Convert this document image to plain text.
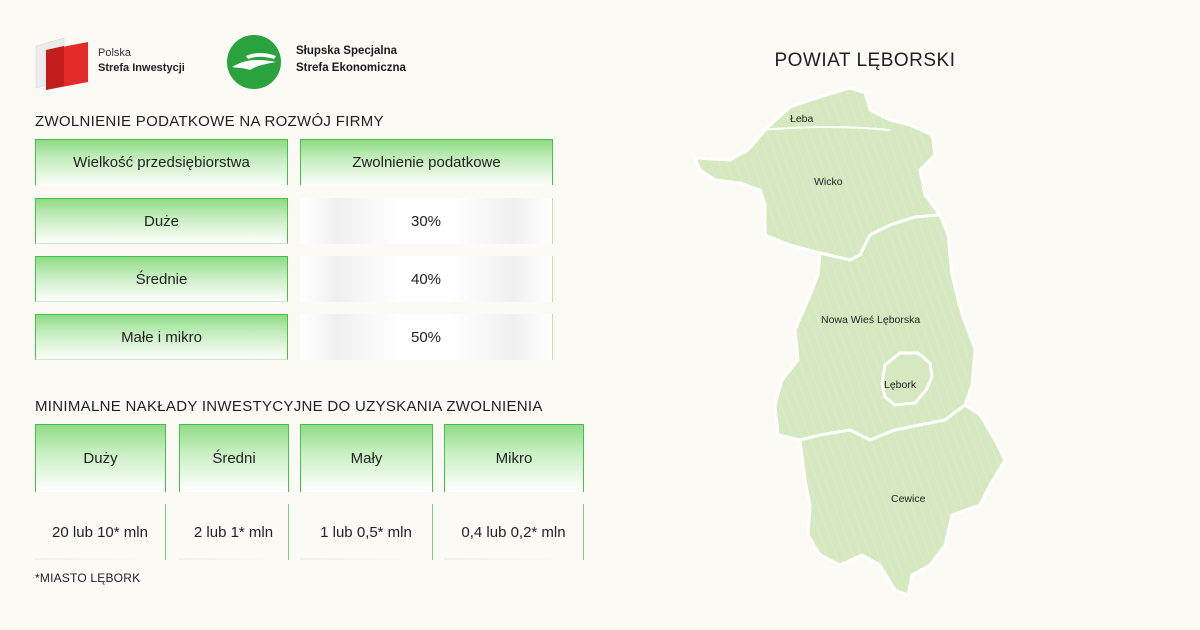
Polska
Strefa Inwestycji
Słupska Specjalna
Strefa Ekonomiczna
ZWOLNIENIE PODATKOWE NA ROZWÓJ FIRMY
Wielkość przedsiębiorstwa	Zwolnienie podatkowe
Duże	30%
Średnie	40%
Małe i mikro	50%
MINIMALNE NAKŁADY INWESTYCYJNE DO UZYSKANIA ZWOLNIENIA
Duży	Średni	Mały	Mikro
20 lub 10* mln	2 lub 1* mln	1 lub 0,5* mln	0,4 lub 0,2* mln
*MIASTO LĘBORK
POWIAT LĘBORSKI
Łeba
Wicko
Nowa Wieś Lęborska
Lębork
Cewice
